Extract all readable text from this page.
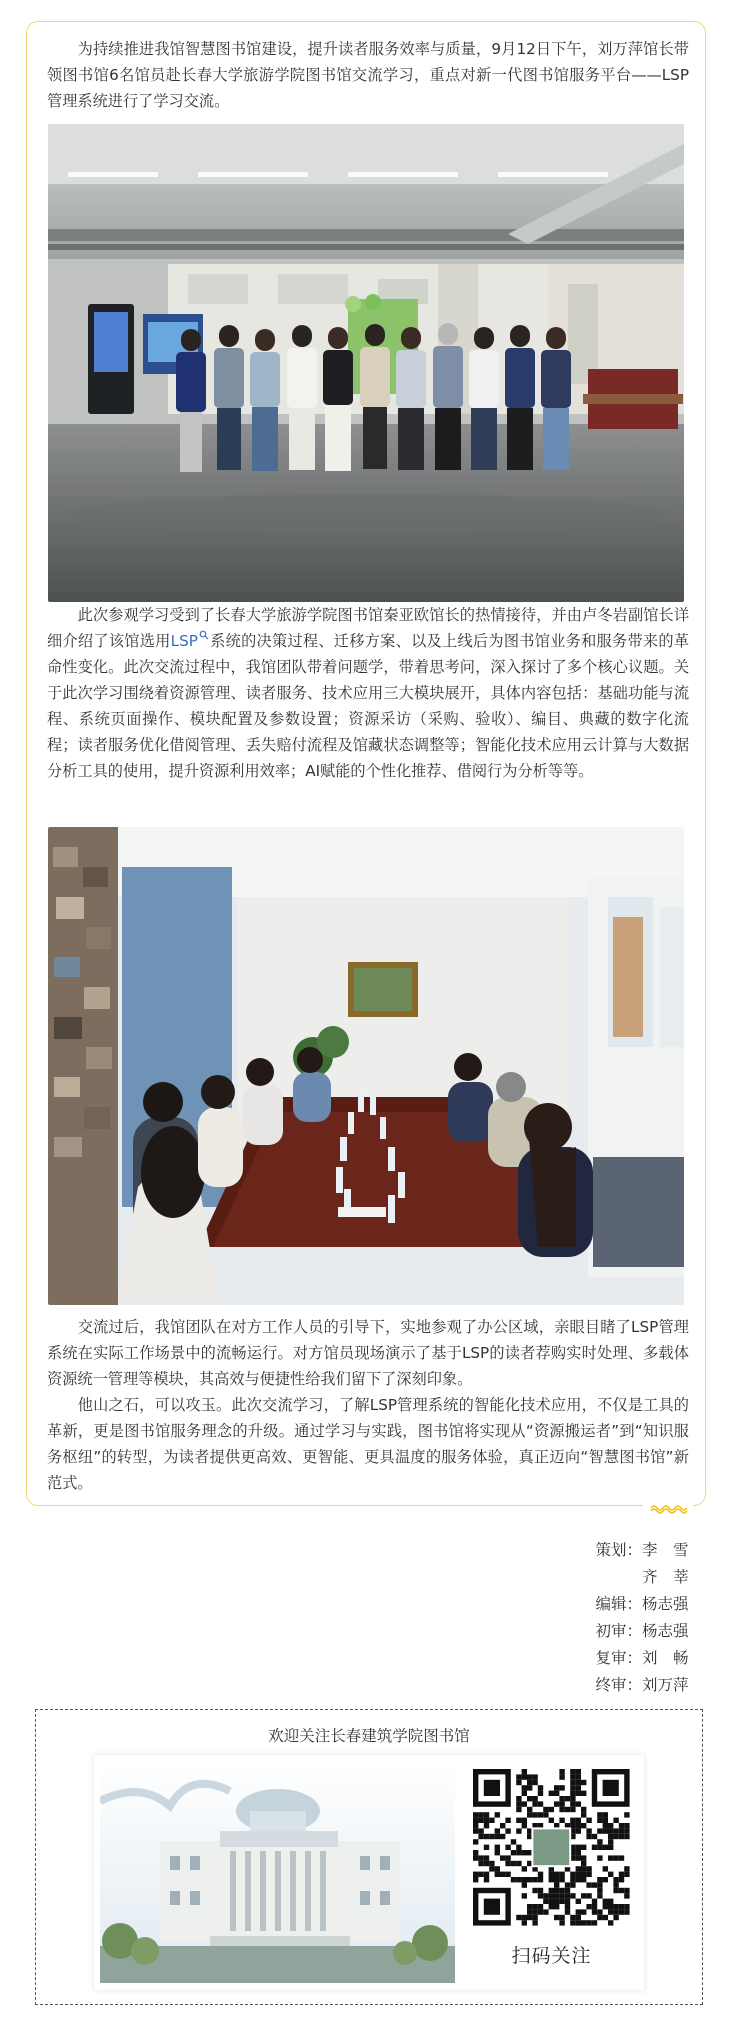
　　为持续推进我馆智慧图书馆建设，提升读者服务效率与质量，9月12日下午，刘万萍馆长带领图书馆6名馆员赴长春大学旅游学院图书馆交流学习，重点对新一代图书馆服务平台——LSP管理系统进行了学习交流。

　　此次参观学习受到了长春大学旅游学院图书馆秦亚欧馆长的热情接待，并由卢冬岩副馆长详细介绍了该馆选用LSP 系统的决策过程、迁移方案、以及上线后为图书馆业务和服务带来的革命性变化。此次交流过程中，我馆团队带着问题学，带着思考问，深入探讨了多个核心议题。关于此次学习围绕着资源管理、读者服务、技术应用三大模块展开，具体内容包括：基础功能与流程、系统页面操作、模块配置及参数设置；资源采访（采购、验收）、编目、典藏的数字化流程；读者服务优化借阅管理、丢失赔付流程及馆藏状态调整等；智能化技术应用云计算与大数据分析工具的使用，提升资源利用效率；AI赋能的个性化推荐、借阅行为分析等等。

　　交流过后，我馆团队在对方工作人员的引导下，实地参观了办公区域，亲眼目睹了LSP管理系统在实际工作场景中的流畅运行。对方馆员现场演示了基于LSP的读者荐购实时处理、多载体资源统一管理等模块，其高效与便捷性给我们留下了深刻印象。

　　他山之石，可以攻玉。此次交流学习，了解LSP管理系统的智能化技术应用，不仅是工具的革新，更是图书馆服务理念的升级。通过学习与实践，图书馆将实现从“资源搬运者”到“知识服务枢纽”的转型，为读者提供更高效、更智能、更具温度的服务体验，真正迈向“智慧图书馆”新范式。

策划： 李　雪
齐　莘
编辑： 杨志强
初审： 杨志强
复审： 刘　畅
终审： 刘万萍
欢迎关注长春建筑学院图书馆
扫码关注
